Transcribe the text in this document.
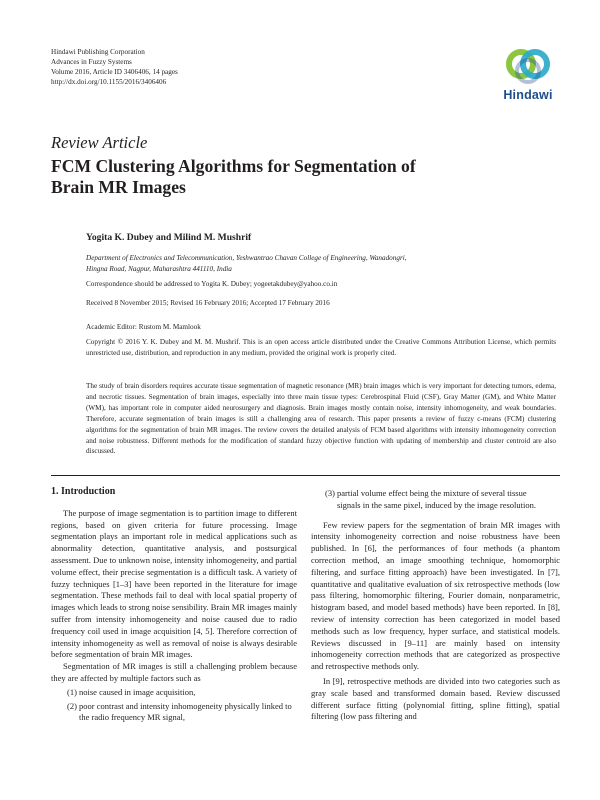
Hindawi Publishing Corporation
Advances in Fuzzy Systems
Volume 2016, Article ID 3406406, 14 pages
http://dx.doi.org/10.1155/2016/3406406
Hindawi
Review Article
FCM Clustering Algorithms for Segmentation of
Brain MR Images
Yogita K. Dubey and Milind M. Mushrif
Department of Electronics and Telecommunication, Yeshwantrao Chavan College of Engineering, Wanadongri,
Hingna Road, Nagpur, Maharashtra 441110, India
Correspondence should be addressed to Yogita K. Dubey; yogeetakdubey@yahoo.co.in
Received 8 November 2015; Revised 16 February 2016; Accepted 17 February 2016
Academic Editor: Rustom M. Mamlook
Copyright © 2016 Y. K. Dubey and M. M. Mushrif. This is an open access article distributed under the Creative Commons Attribution License, which permits unrestricted use, distribution, and reproduction in any medium, provided the original work is properly cited.
The study of brain disorders requires accurate tissue segmentation of magnetic resonance (MR) brain images which is very important for detecting tumors, edema, and necrotic tissues. Segmentation of brain images, especially into three main tissue types: Cerebrospinal Fluid (CSF), Gray Matter (GM), and White Matter (WM), has important role in computer aided neurosurgery and diagnosis. Brain images mostly contain noise, intensity inhomogeneity, and weak boundaries. Therefore, accurate segmentation of brain images is still a challenging area of research. This paper presents a review of fuzzy c-means (FCM) clustering algorithms for the segmentation of brain MR images. The review covers the detailed analysis of FCM based algorithms with intensity inhomogeneity correction and noise robustness. Different methods for the modification of standard fuzzy objective function with updating of membership and cluster centroid are also discussed.
1. Introduction

The purpose of image segmentation is to partition image to different regions, based on given criteria for future processing. Image segmentation plays an important role in medical applications such as abnormality detection, quantitative analysis, and postsurgical assessment. Due to unknown noise, intensity inhomogeneity, and partial volume effect, their precise segmentation is a difficult task. A variety of fuzzy techniques [1–3] have been reported in the literature for image segmentation. These methods fail to deal with local spatial property of images which leads to strong noise sensibility. Brain MR images mainly suffer from intensity inhomogeneity and noise caused due to radio frequency coil used in image acquisition [4, 5]. Therefore correction of intensity inhomogeneity as well as removal of noise is always desirable before segmentation of brain MR images.

Segmentation of MR images is still a challenging problem because they are affected by multiple factors such as

(1) noise caused in image acquisition,
(2) poor contrast and intensity inhomogeneity physically linked to the radio frequency MR signal,
(3) partial volume effect being the mixture of several tissue signals in the same pixel, induced by the image resolution.

Few review papers for the segmentation of brain MR images with intensity inhomogeneity correction and noise robustness have been published. In [6], the performances of four methods (a phantom correction method, an image smoothing technique, homomorphic filtering, and surface fitting approach) have been investigated. In [7], quantitative and qualitative evaluation of six retrospective methods (low pass filtering, homomorphic filtering, Fourier domain, nonparametric, histogram based, and model based methods) have been reported. In [8], review of intensity correction has been categorized in model based methods such as low frequency, hyper surface, and statistical models. Reviews discussed in [9–11] are mainly based on intensity inhomogeneity correction methods that are categorized as prospective and retrospective methods only.

In [9], retrospective methods are divided into two categories such as gray scale based and transformed domain based. Review discussed different surface fitting (polynomial fitting, spline fitting), spatial filtering (low pass filtering and
